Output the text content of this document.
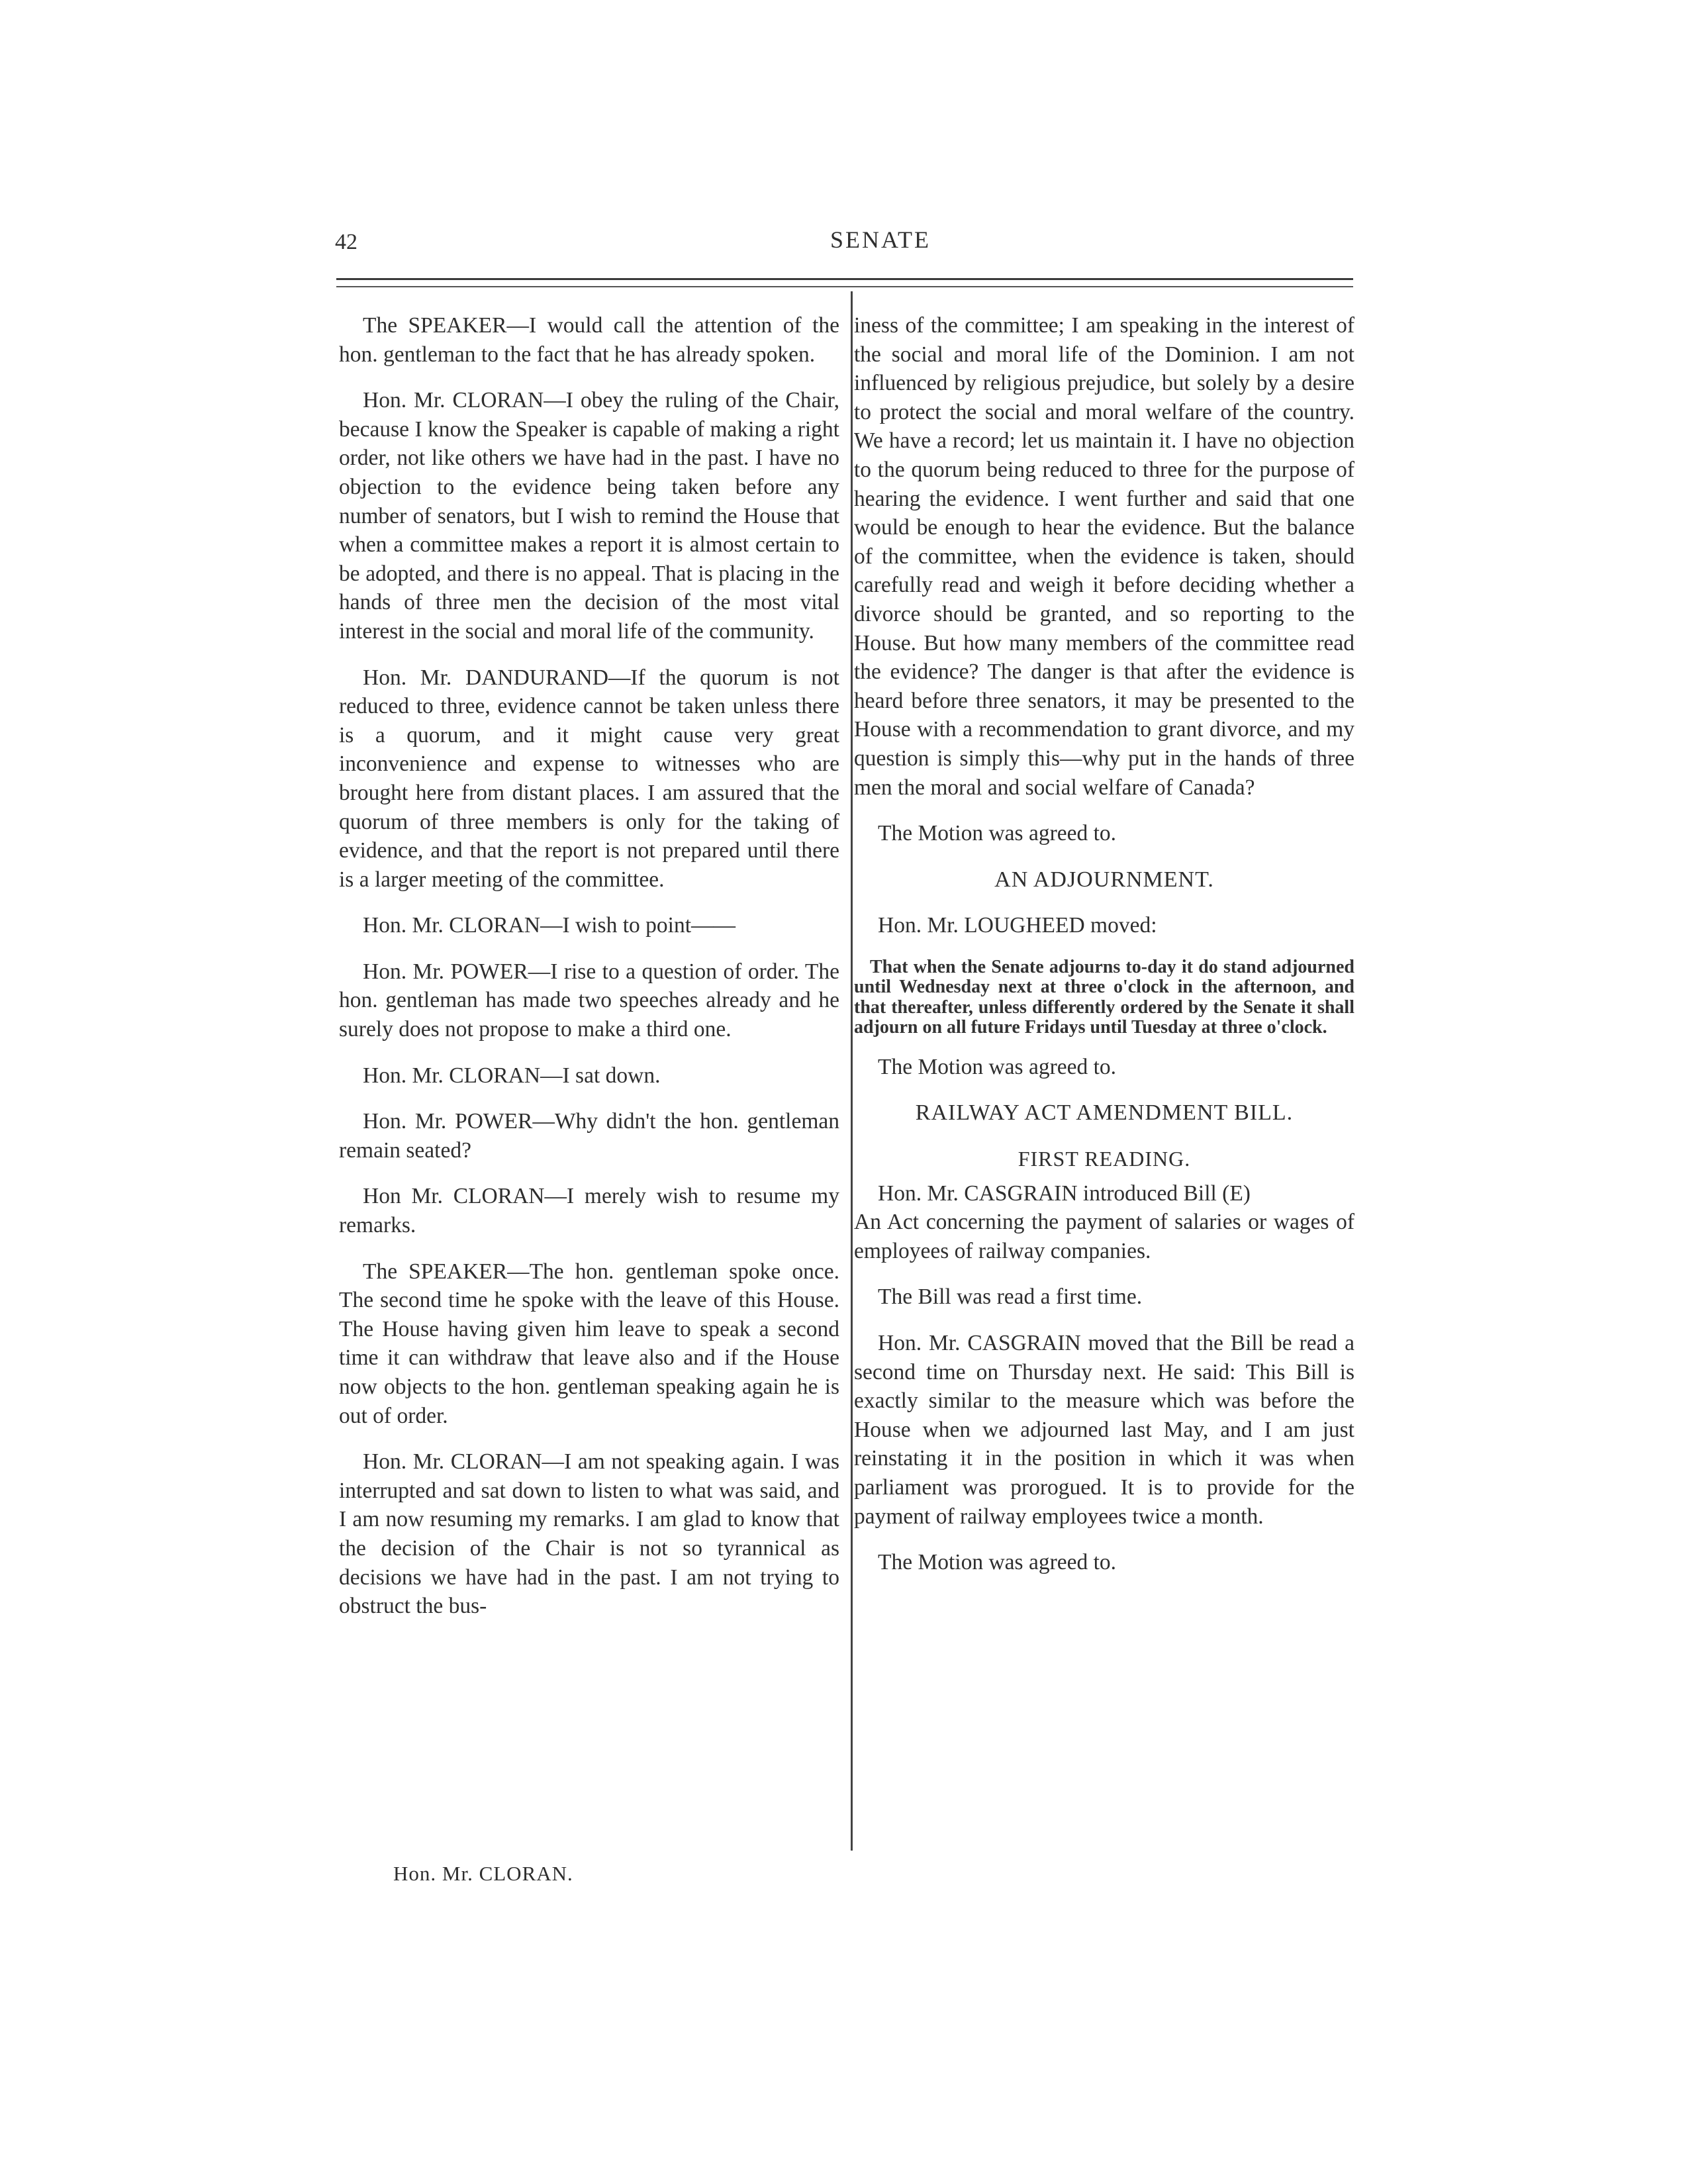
42	SENATE

The SPEAKER—I would call the attention of the hon. gentleman to the fact that he has already spoken.

Hon. Mr. CLORAN—I obey the ruling of the Chair, because I know the Speaker is capable of making a right order, not like others we have had in the past. I have no objection to the evidence being taken before any number of senators, but I wish to remind the House that when a committee makes a report it is almost certain to be adopted, and there is no appeal. That is placing in the hands of three men the decision of the most vital interest in the social and moral life of the community.

Hon. Mr. DANDURAND—If the quorum is not reduced to three, evidence cannot be taken unless there is a quorum, and it might cause very great inconvenience and expense to witnesses who are brought here from distant places. I am assured that the quorum of three members is only for the taking of evidence, and that the report is not prepared until there is a larger meeting of the committee.

Hon. Mr. CLORAN—I wish to point——

Hon. Mr. POWER—I rise to a question of order. The hon. gentleman has made two speeches already and he surely does not propose to make a third one.

Hon. Mr. CLORAN—I sat down.

Hon. Mr. POWER—Why didn't the hon. gentleman remain seated?

Hon Mr. CLORAN—I merely wish to resume my remarks.

The SPEAKER—The hon. gentleman spoke once. The second time he spoke with the leave of this House. The House having given him leave to speak a second time it can withdraw that leave also and if the House now objects to the hon. gentleman speaking again he is out of order.

Hon. Mr. CLORAN—I am not speaking again. I was interrupted and sat down to listen to what was said, and I am now resuming my remarks. I am glad to know that the decision of the Chair is not so tyrannical as decisions we have had in the past. I am not trying to obstruct the bus-

iness of the committee; I am speaking in the interest of the social and moral life of the Dominion. I am not influenced by religious prejudice, but solely by a desire to protect the social and moral welfare of the country. We have a record; let us maintain it. I have no objection to the quorum being reduced to three for the purpose of hearing the evidence. I went further and said that one would be enough to hear the evidence. But the balance of the committee, when the evidence is taken, should carefully read and weigh it before deciding whether a divorce should be granted, and so reporting to the House. But how many members of the committee read the evidence? The danger is that after the evidence is heard before three senators, it may be presented to the House with a recommendation to grant divorce, and my question is simply this—why put in the hands of three men the moral and social welfare of Canada?

The Motion was agreed to.

AN ADJOURNMENT.

Hon. Mr. LOUGHEED moved:

That when the Senate adjourns to-day it do stand adjourned until Wednesday next at three o'clock in the afternoon, and that thereafter, unless differently ordered by the Senate it shall adjourn on all future Fridays until Tuesday at three o'clock.

The Motion was agreed to.

RAILWAY ACT AMENDMENT BILL.

FIRST READING.

Hon. Mr. CASGRAIN introduced Bill (E)

An Act concerning the payment of salaries or wages of employees of railway companies.

The Bill was read a first time.

Hon. Mr. CASGRAIN moved that the Bill be read a second time on Thursday next. He said: This Bill is exactly similar to the measure which was before the House when we adjourned last May, and I am just reinstating it in the position in which it was when parliament was prorogued. It is to provide for the payment of railway employees twice a month.

The Motion was agreed to.

Hon. Mr. CLORAN.
